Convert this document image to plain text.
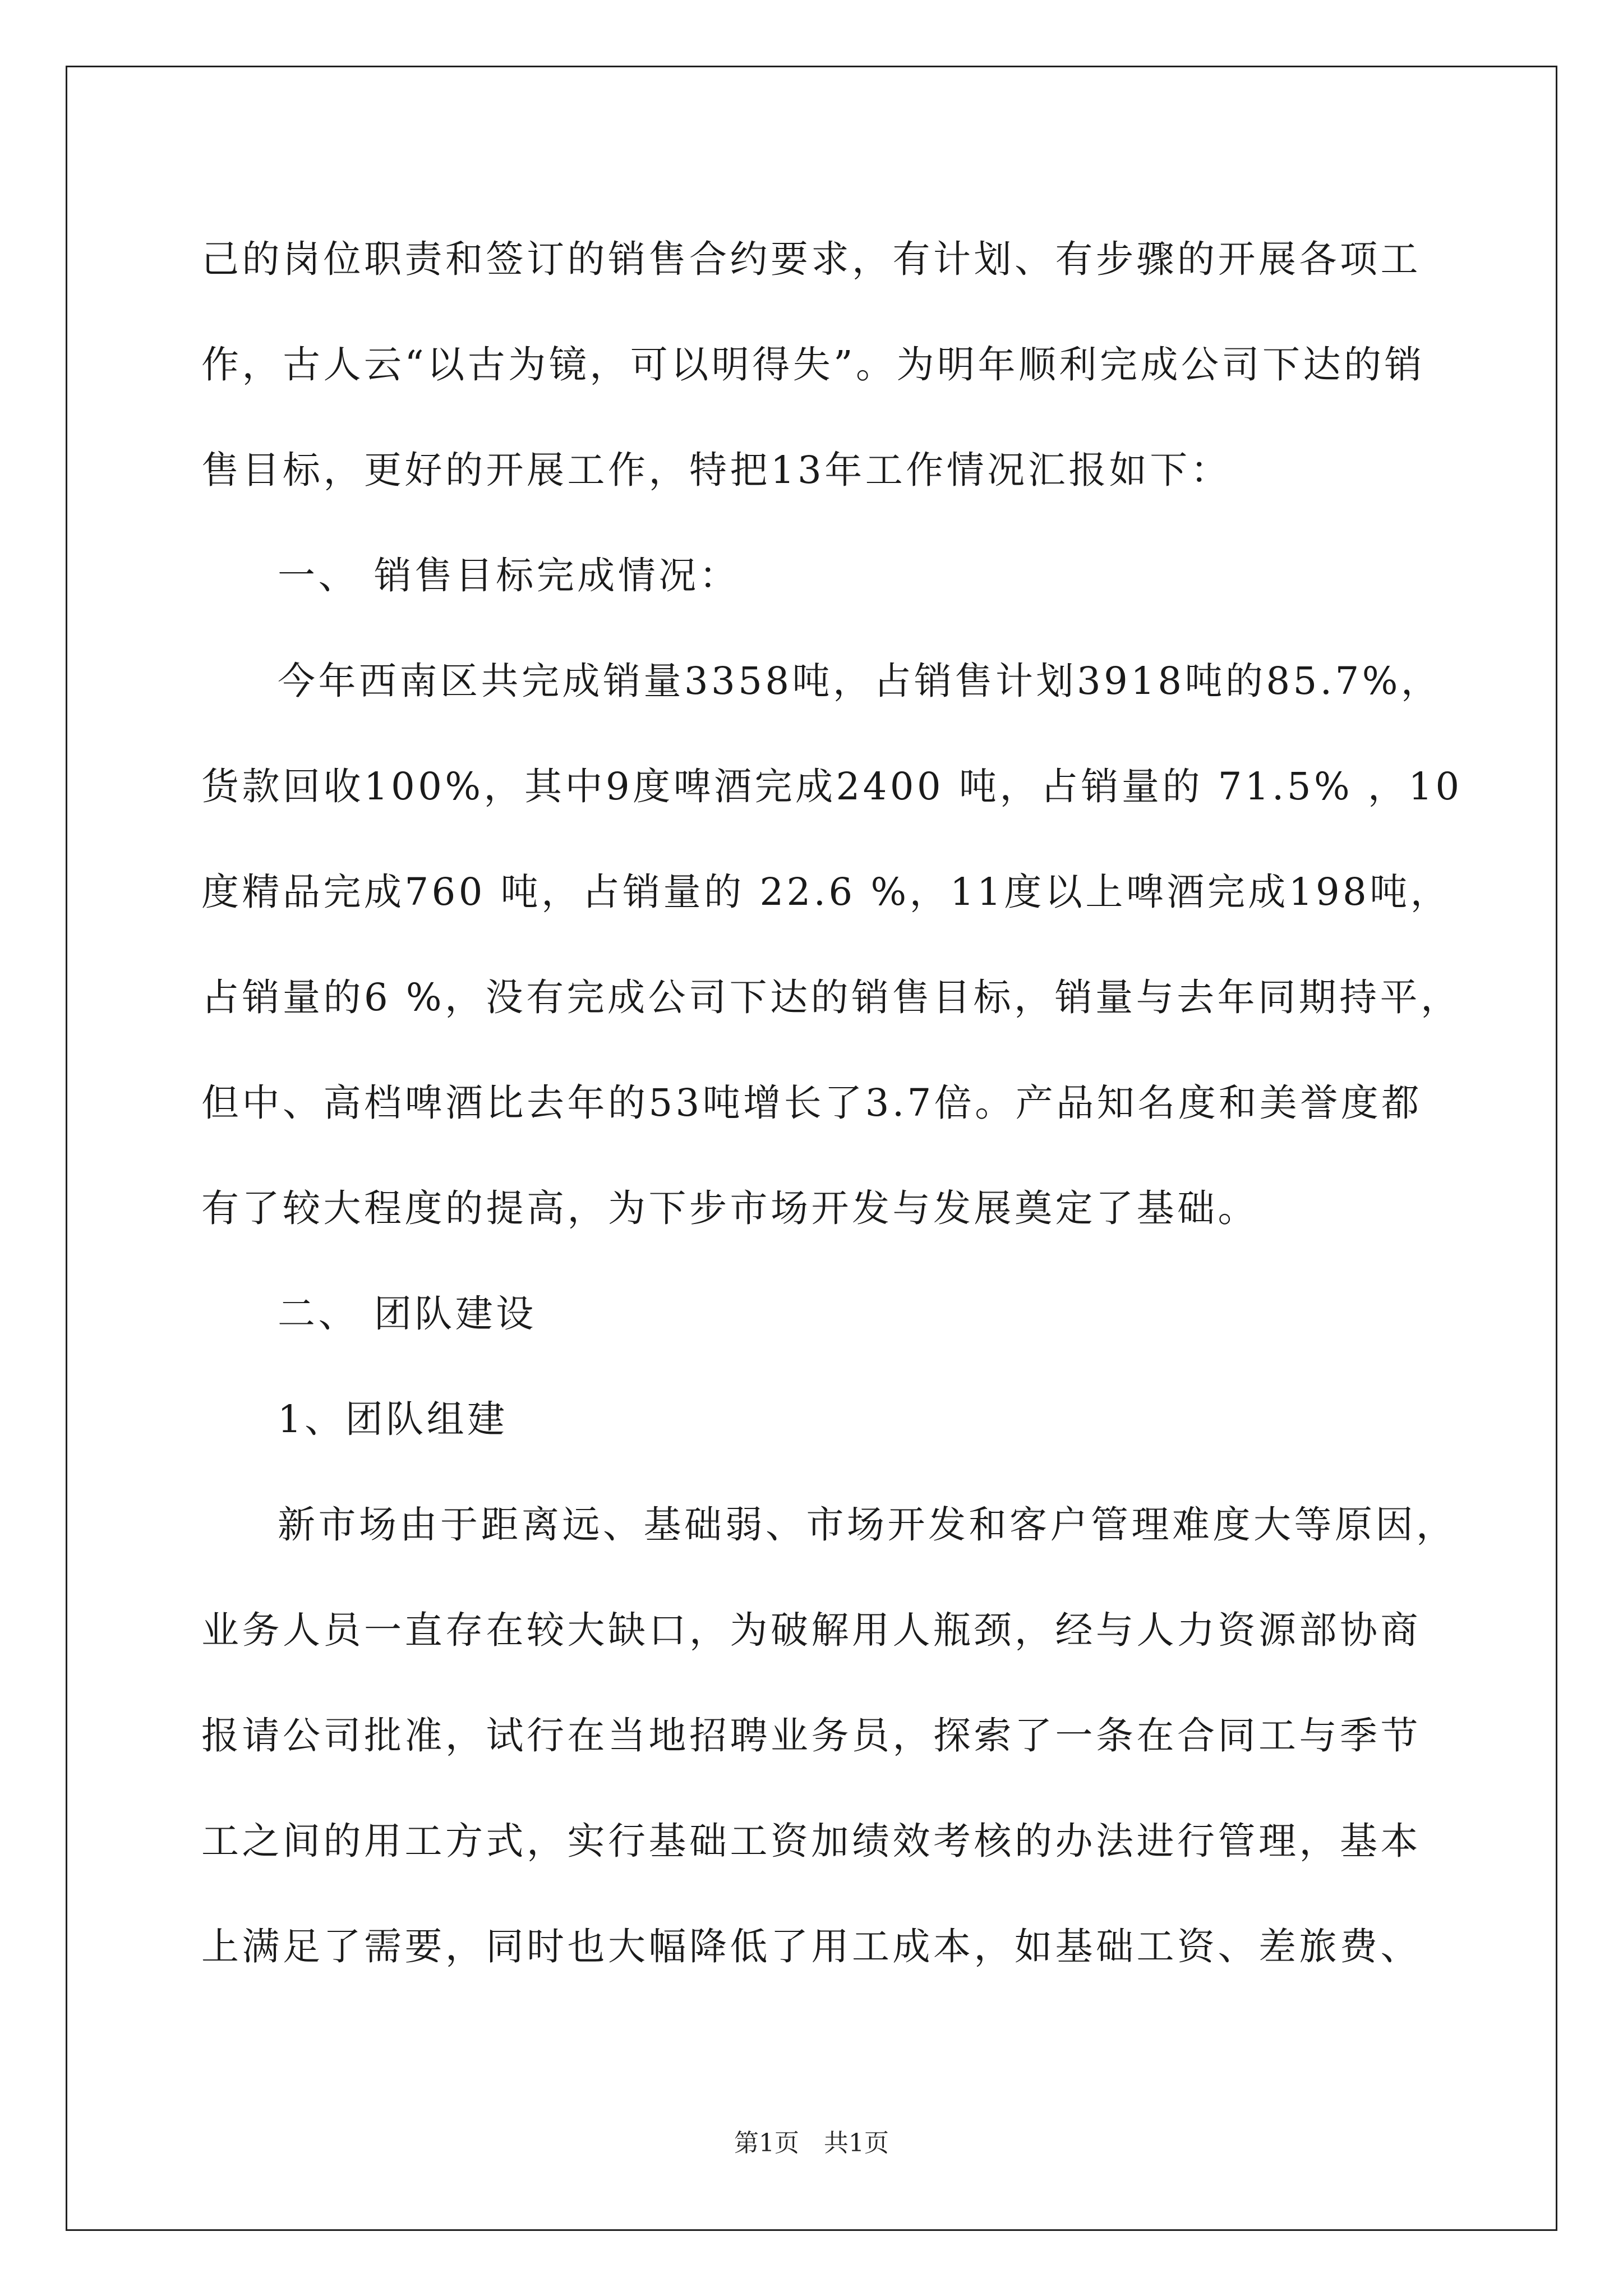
己的岗位职责和签订的销售合约要求，有计划、有步骤的开展各项工
作，古人云“以古为镜，可以明得失”。为明年顺利完成公司下达的销
售目标，更好的开展工作，特把13年工作情况汇报如下：
一、 销售目标完成情况：
今年西南区共完成销量3358吨，占销售计划3918吨的85.7%，
货款回收100%，其中9度啤酒完成2400 吨，占销量的 71.5% ，10
度精品完成760 吨，占销量的 22.6 %，11度以上啤酒完成198吨，
占销量的6 %，没有完成公司下达的销售目标，销量与去年同期持平，
但中、高档啤酒比去年的53吨增长了3.7倍。产品知名度和美誉度都
有了较大程度的提高，为下步市场开发与发展奠定了基础。
二、 团队建设
1、团队组建
新市场由于距离远、基础弱、市场开发和客户管理难度大等原因，
业务人员一直存在较大缺口，为破解用人瓶颈，经与人力资源部协商
报请公司批准，试行在当地招聘业务员，探索了一条在合同工与季节
工之间的用工方式，实行基础工资加绩效考核的办法进行管理，基本
上满足了需要，同时也大幅降低了用工成本，如基础工资、差旅费、
第1页 共1页
